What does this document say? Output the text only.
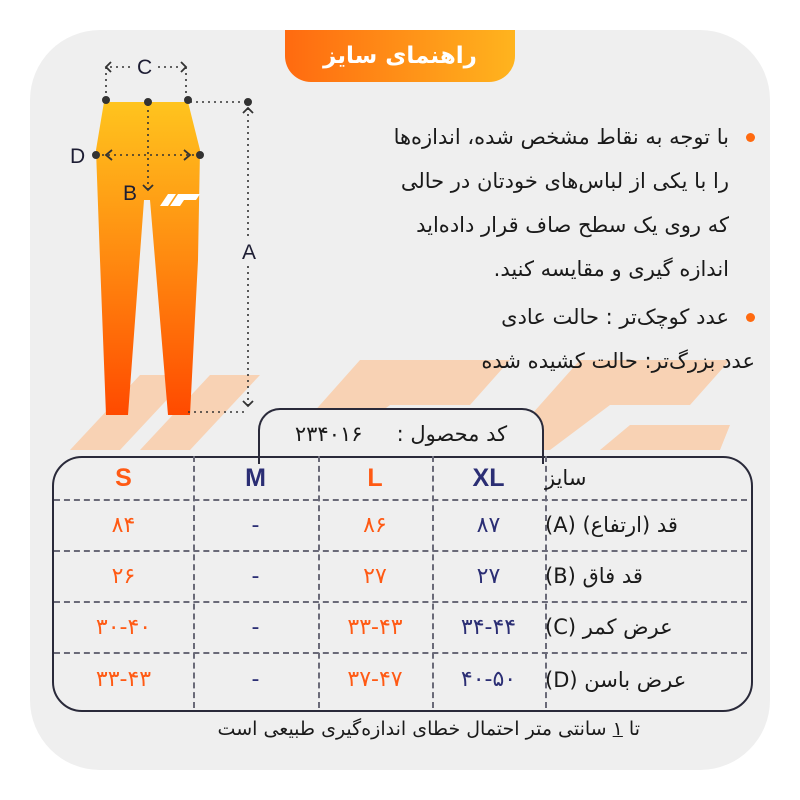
راهنمای سایز
C
D
B
A

با توجه به نقاط مشخص شده، اندازه‌ها

را با یکی از لباس‌های خودتان در حالی

که روی یک سطح صاف قرار داده‌اید

اندازه گیری و مقایسه کنید.

عدد کوچک‌تر : حالت عادی

عدد بزرگ‌تر: حالت کشیده شده

کد محصول :
۲۳۴۰۱۶
سایز
XL
L
M
S
قد (ارتفاع) (A)
۸۷
۸۶
-
۸۴
قد فاق (B)
۲۷
۲۷
-
۲۶
عرض کمر (C)
۳۴-۴۴
۳۳-۴۳
-
۳۰-۴۰
عرض باسن (D)
۴۰-۵۰
۳۷-۴۷
-
۳۳-۴۳
تا ۱ سانتی متر احتمال خطای اندازه‌گیری طبیعی است
